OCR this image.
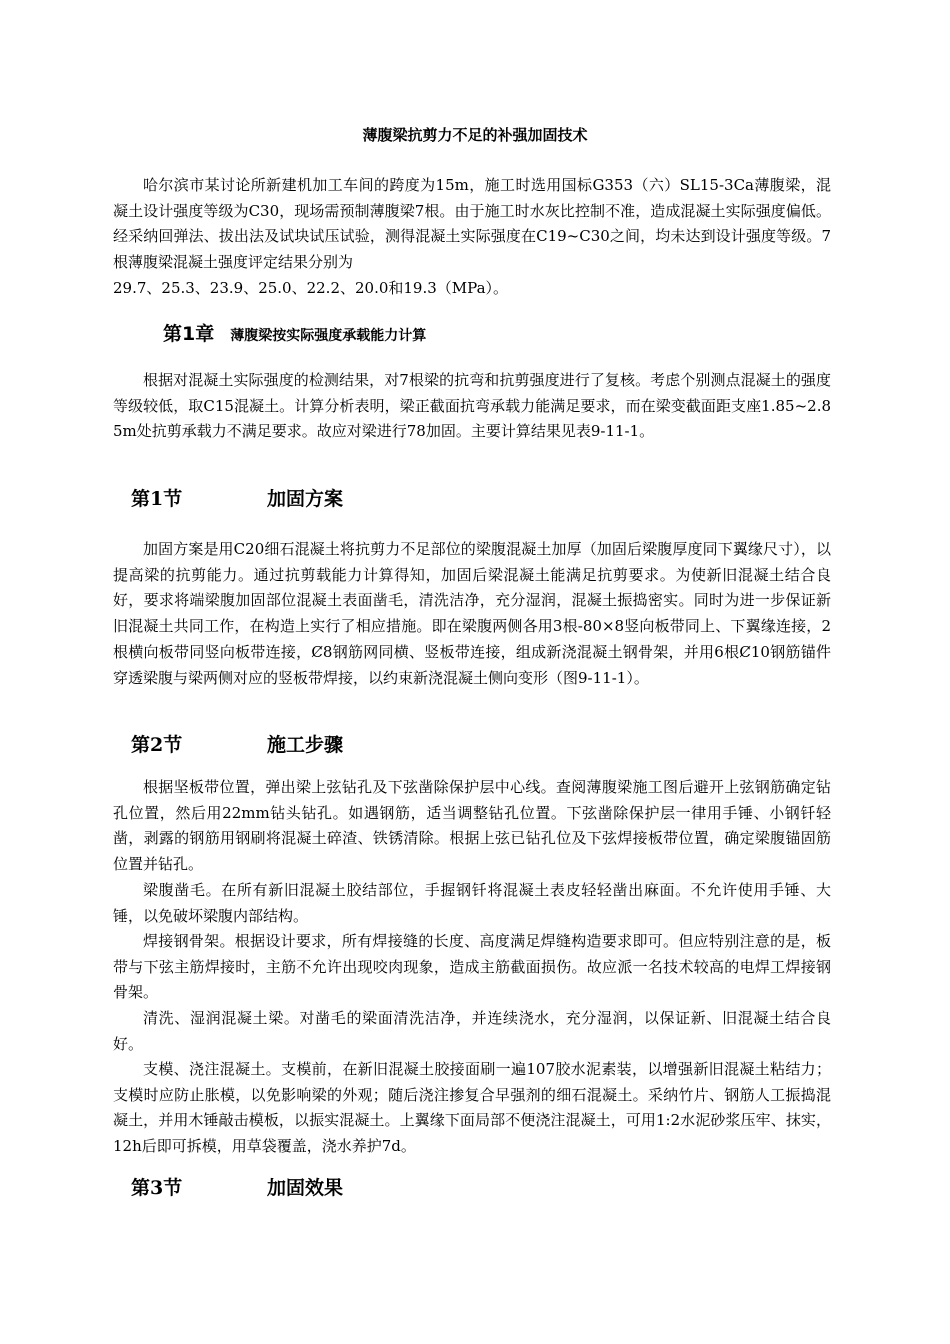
薄腹梁抗剪力不足的补强加固技术

哈尔滨市某讨论所新建机加工车间的跨度为15m，施工时选用国标G353（六）SL15-3Ca薄腹梁，混凝土设计强度等级为C30，现场需预制薄腹梁7根。由于施工时水灰比控制不准，造成混凝土实际强度偏低。经采纳回弹法、拔出法及试块试压试验，测得混凝土实际强度在C19~C30之间，均未达到设计强度等级。7根薄腹梁混凝土强度评定结果分别为

29.7、25.3、23.9、25.0、22.2、20.0和19.3（MPa）。

第1章 薄腹梁按实际强度承载能力计算

根据对混凝土实际强度的检测结果，对7根梁的抗弯和抗剪强度进行了复核。考虑个别测点混凝土的强度等级较低，取C15混凝土。计算分析表明，梁正截面抗弯承载力能满足要求，而在梁变截面距支座1.85~2.85m处抗剪承载力不满足要求。故应对梁进行78加固。主要计算结果见表9-11-1。

第1节	加固方案

加固方案是用C20细石混凝土将抗剪力不足部位的梁腹混凝土加厚（加固后梁腹厚度同下翼缘尺寸），以提高梁的抗剪能力。通过抗剪载能力计算得知，加固后梁混凝土能满足抗剪要求。为使新旧混凝土结合良好，要求将端梁腹加固部位混凝土表面凿毛，清洗洁净，充分湿润，混凝土振捣密实。同时为进一步保证新旧混凝土共同工作，在构造上实行了相应措施。即在梁腹两侧各用3根-80×8竖向板带同上、下翼缘连接，2根横向板带同竖向板带连接，Ȼ8钢筋网同横、竖板带连接，组成新浇混凝土钢骨架，并用6根Ȼ10钢筋锚件穿透梁腹与梁两侧对应的竖板带焊接，以约束新浇混凝土侧向变形（图9-11-1）。

第2节	施工步骤

根据坚板带位置，弹出梁上弦钻孔及下弦凿除保护层中心线。查阅薄腹梁施工图后避开上弦钢筋确定钻孔位置，然后用22mm钻头钻孔。如遇钢筋，适当调整钻孔位置。下弦凿除保护层一律用手锤、小钢钎轻凿，剥露的钢筋用钢刷将混凝土碎渣、铁锈清除。根据上弦已钻孔位及下弦焊接板带位置，确定梁腹锚固筋位置并钻孔。

梁腹凿毛。在所有新旧混凝土胶结部位，手握钢钎将混凝土表皮轻轻凿出麻面。不允许使用手锤、大锤，以免破坏梁腹内部结构。

焊接钢骨架。根据设计要求，所有焊接缝的长度、高度满足焊缝构造要求即可。但应特别注意的是，板带与下弦主筋焊接时，主筋不允许出现咬肉现象，造成主筋截面损伤。故应派一名技术较高的电焊工焊接钢骨架。

清洗、湿润混凝土梁。对凿毛的梁面清洗洁净，并连续浇水，充分湿润，以保证新、旧混凝土结合良好。

支模、浇注混凝土。支模前，在新旧混凝土胶接面刷一遍107胶水泥素装，以增强新旧混凝土粘结力；支模时应防止胀模，以免影响梁的外观；随后浇注掺复合早强剂的细石混凝土。采纳竹片、钢筋人工振捣混凝土，并用木锤敲击模板，以振实混凝土。上翼缘下面局部不便浇注混凝土，可用1:2水泥砂浆压牢、抹实，12h后即可拆模，用草袋覆盖，浇水养护7d。

第3节	加固效果
